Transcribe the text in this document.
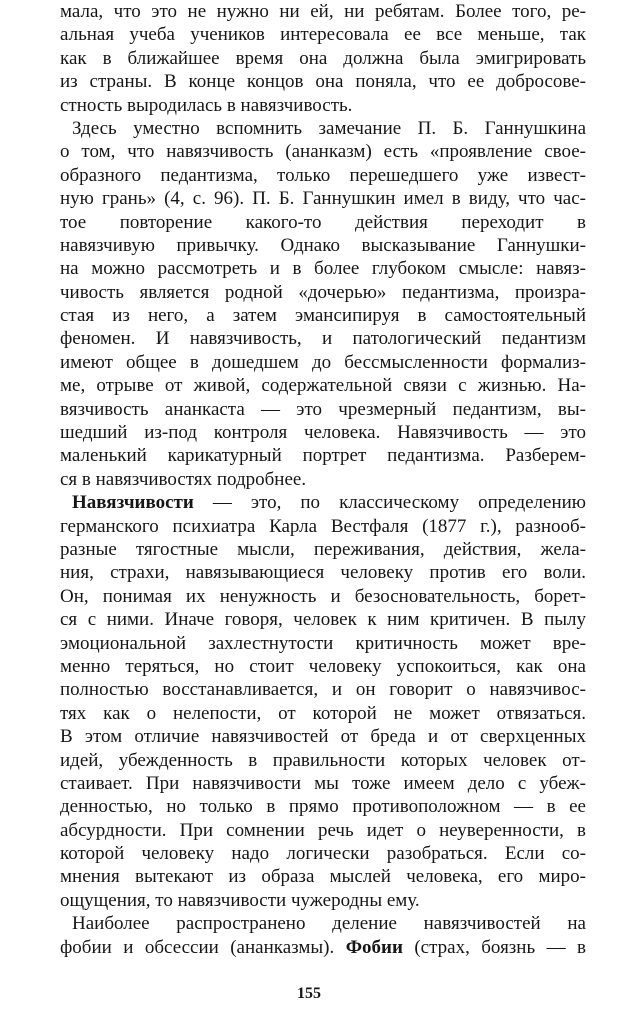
мала, что это не нужно ни ей, ни ребятам. Более того, ре-
альная учеба учеников интересовала ее все меньше, так
как в ближайшее время она должна была эмигрировать
из страны. В конце концов она поняла, что ее добросове-
стность выродилась в навязчивость.
Здесь уместно вспомнить замечание П. Б. Ганнушкина
о том, что навязчивость (ананказм) есть «проявление свое-
образного педантизма, только перешедшего уже извест-
ную грань» (4, с. 96). П. Б. Ганнушкин имел в виду, что час-
тое повторение какого-то действия переходит в
навязчивую привычку. Однако высказывание Ганнушки-
на можно рассмотреть и в более глубоком смысле: навяз-
чивость является родной «дочерью» педантизма, произра-
стая из него, а затем эмансипируя в самостоятельный
феномен. И навязчивость, и патологический педантизм
имеют общее в дошедшем до бессмысленности формализ-
ме, отрыве от живой, содержательной связи с жизнью. На-
вязчивость ананкаста — это чрезмерный педантизм, вы-
шедший из-под контроля человека. Навязчивость — это
маленький карикатурный портрет педантизма. Разберем-
ся в навязчивостях подробнее.
Навязчивости — это, по классическому определению
германского психиатра Карла Вестфаля (1877 г.), разнооб-
разные тягостные мысли, переживания, действия, жела-
ния, страхи, навязывающиеся человеку против его воли.
Он, понимая их ненужность и безосновательность, борет-
ся с ними. Иначе говоря, человек к ним критичен. В пылу
эмоциональной захлестнутости критичность может вре-
менно теряться, но стоит человеку успокоиться, как она
полностью восстанавливается, и он говорит о навязчивос-
тях как о нелепости, от которой не может отвязаться.
В этом отличие навязчивостей от бреда и от сверхценных
идей, убежденность в правильности которых человек от-
стаивает. При навязчивости мы тоже имеем дело с убеж-
денностью, но только в прямо противоположном — в ее
абсурдности. При сомнении речь идет о неуверенности, в
которой человеку надо логически разобраться. Если со-
мнения вытекают из образа мыслей человека, его миро-
ощущения, то навязчивости чужеродны ему.
Наиболее распространено деление навязчивостей на
фобии и обсессии (ананказмы). Фобии (страх, боязнь — в
155
